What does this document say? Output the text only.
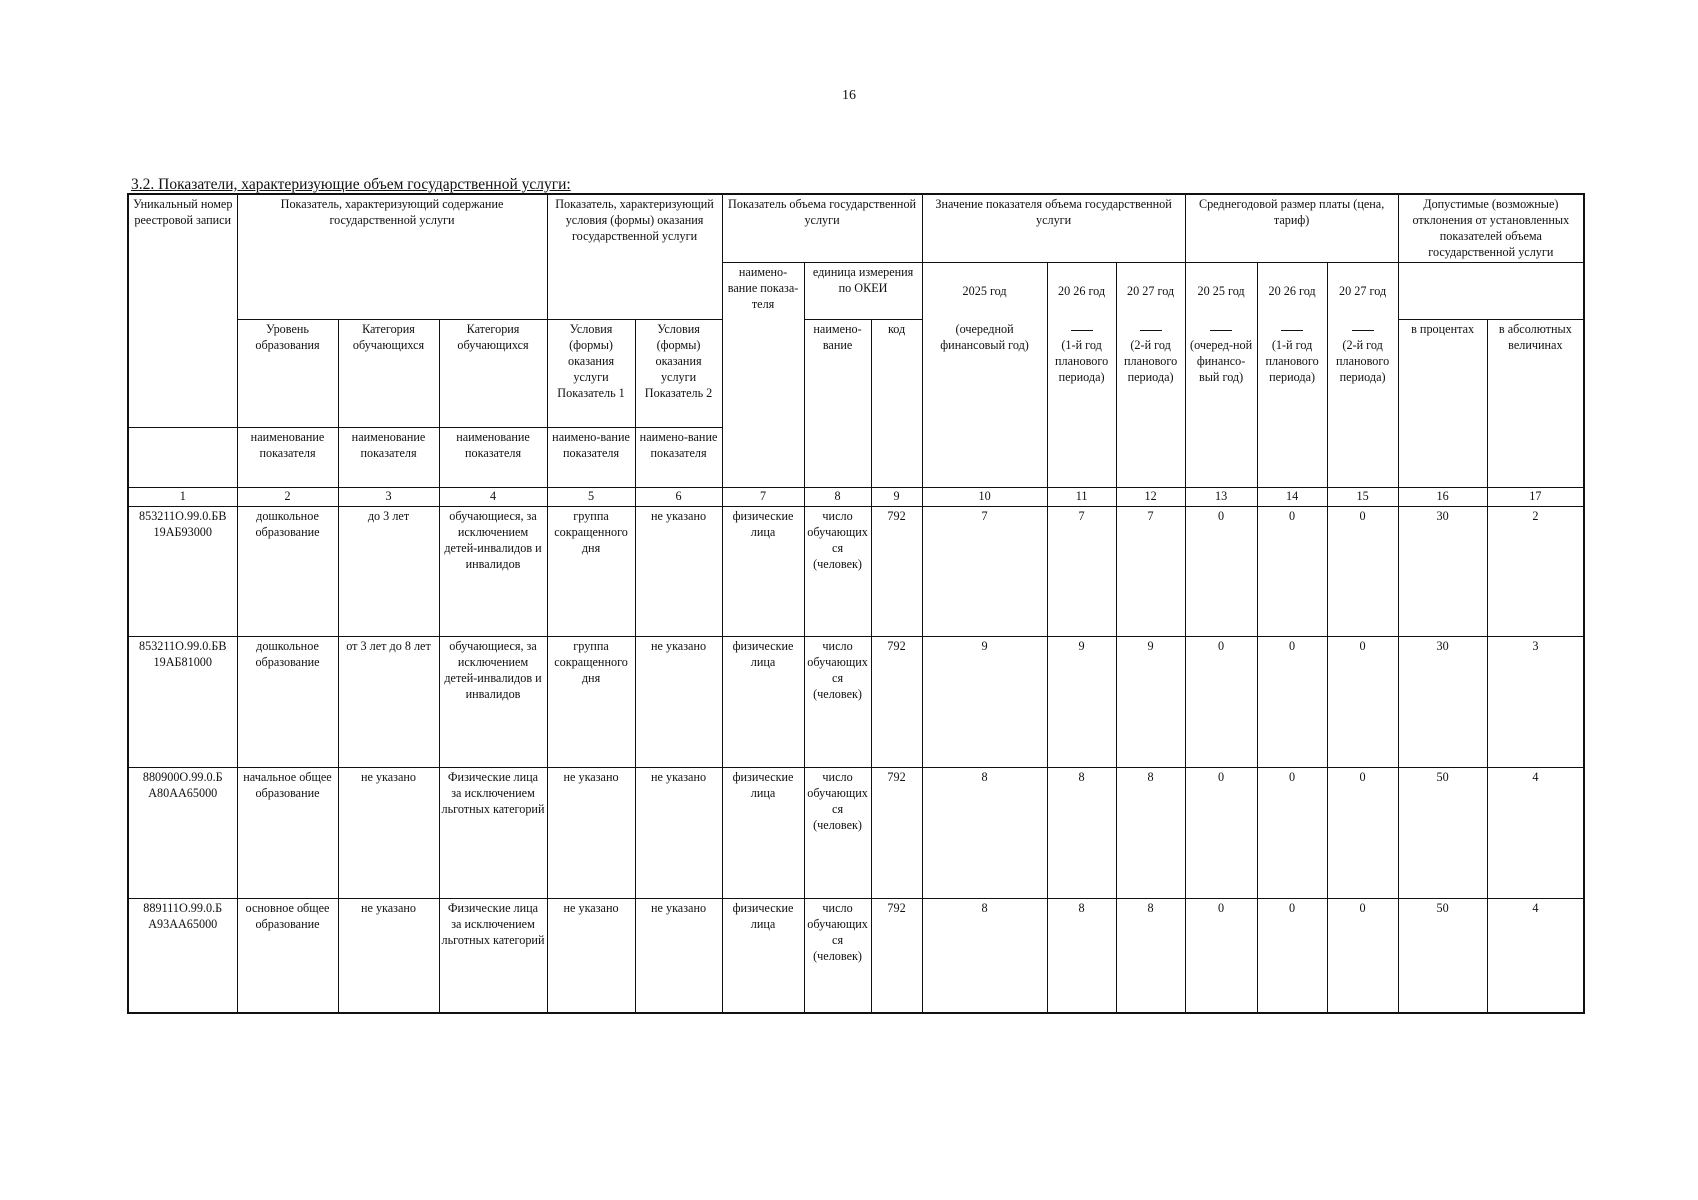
16
3.2. Показатели, характеризующие объем государственной услуги:
Уникальный номер реестровой записи	Показатель, характеризующий содержание государственной услуги			Показатель, характеризующий условия (формы) оказания государственной услуги		Показатель объема государственной услуги			Значение показателя объема государственной услуги			Среднегодовой размер платы (цена, тариф)			Допустимые (возможные) отклонения от установленных показателей объема государственной услуги	
						наимено-вание показа-теля	единица измерения по ОКЕИ		2025 год	20 26 год	20 27 год	20 25 год	20 26 год	20 27 год		
	Уровень образования	Категория обучающихся	Категория обучающихся	Условия (формы) оказания услуги Показатель 1	Условия (формы) оказания услуги Показатель 2		наимено-вание	код	(очередной финансовый год)	(1-й год планового периода)	(2-й год планового периода)	(очеред-ной финансо-вый год)	(1-й год планового периода)	(2-й год планового периода)	в процентах	в абсолютных величинах

	наименование показателя	наименование показателя	наименование показателя	наимено-вание показателя	наимено-вание показателя											
1	2	3	4	5	6	7	8	9	10	11	12	13	14	15	16	17
853211О.99.0.БВ 19АБ93000	дошкольное образование	до 3 лет	обучающиеся, за исключением детей-инвалидов и инвалидов	группа сокращенного дня	не указано	физические лица	число обучающихся (человек)	792	7	7	7	0	0	0	30	2
853211О.99.0.БВ 19АБ81000	дошкольное образование	от 3 лет до 8 лет	обучающиеся, за исключением детей-инвалидов и инвалидов	группа сокращенного дня	не указано	физические лица	число обучающихся (человек)	792	9	9	9	0	0	0	30	3
880900О.99.0.Б А80АА65000	начальное общее образование	не указано	Физические лица за исключением льготных категорий	не указано	не указано	физические лица	число обучающихся (человек)	792	8	8	8	0	0	0	50	4
889111О.99.0.Б А93АА65000	основное общее образование	не указано	Физические лица за исключением льготных категорий	не указано	не указано	физические лица	число обучающихся (человек)	792	8	8	8	0	0	0	50	4
